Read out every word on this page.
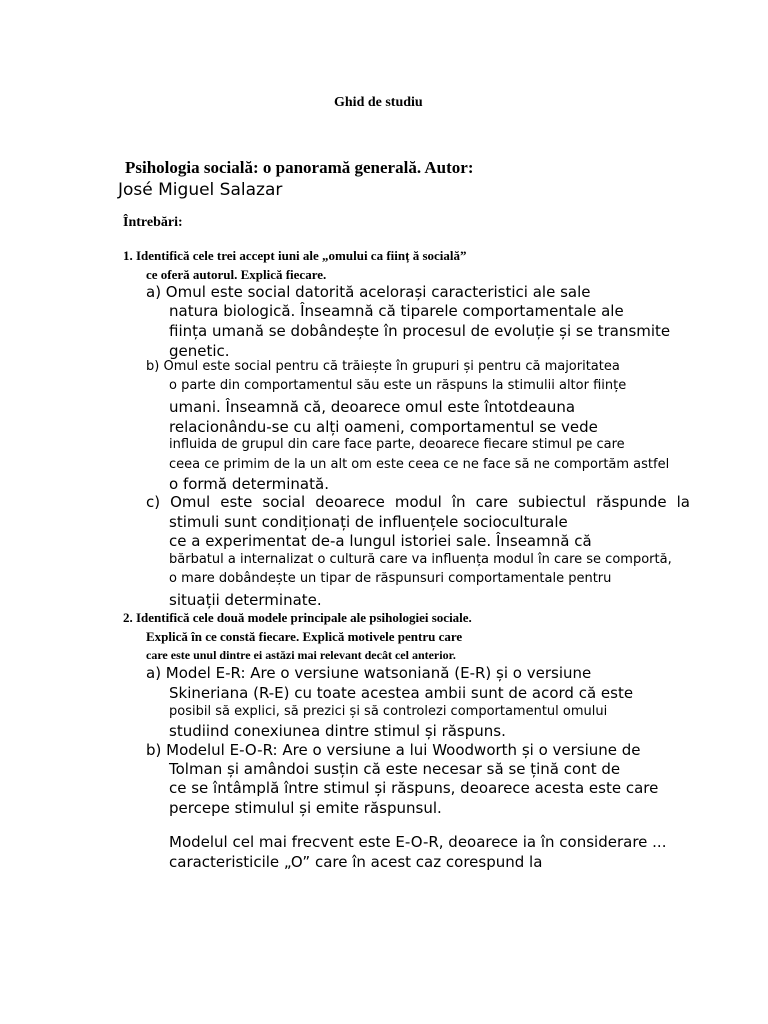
Ghid de studiu

Psihologia socială: o panoramă generală. Autor:

José Miguel Salazar

Întrebări:

1. Identifică cele trei accept iuni ale „omului ca ființ ă socială”

ce oferă autorul. Explică fiecare.

a) Omul este social datorită acelorași caracteristici ale sale

natura biologică. Înseamnă că tiparele comportamentale ale

ființa umană se dobândește în procesul de evoluție și se transmite

genetic.

b) Omul este social pentru că trăiește în grupuri și pentru că majoritatea

o parte din comportamentul său este un răspuns la stimulii altor ființe

umani. Înseamnă că, deoarece omul este întotdeauna

relacionându-se cu alți oameni, comportamentul se vede

influida de grupul din care face parte, deoarece fiecare stimul pe care

ceea ce primim de la un alt om este ceea ce ne face să ne comportăm astfel

o formă determinată.

c) Omul este social deoarece modul în care subiectul răspunde la

stimuli sunt condiționați de influențele socioculturale

ce a experimentat de-a lungul istoriei sale. Înseamnă că

bărbatul a internalizat o cultură care va influența modul în care se comportă,

o mare dobândește un tipar de răspunsuri comportamentale pentru

situații determinate.

2. Identifică cele două modele principale ale psihologiei sociale.

Explică în ce constă fiecare. Explică motivele pentru care

care este unul dintre ei astăzi mai relevant decât cel anterior.

a) Model E-R: Are o versiune watsoniană (E-R) și o versiune

Skineriana (R-E) cu toate acestea ambii sunt de acord că este

posibil să explici, să prezici și să controlezi comportamentul omului

studiind conexiunea dintre stimul și răspuns.

b) Modelul E-O-R: Are o versiune a lui Woodworth și o versiune de

Tolman și amândoi susțin că este necesar să se țină cont de

ce se întâmplă între stimul și răspuns, deoarece acesta este care

percepe stimulul și emite răspunsul.

Modelul cel mai frecvent este E-O-R, deoarece ia în considerare ...

caracteristicile „O” care în acest caz corespund la
